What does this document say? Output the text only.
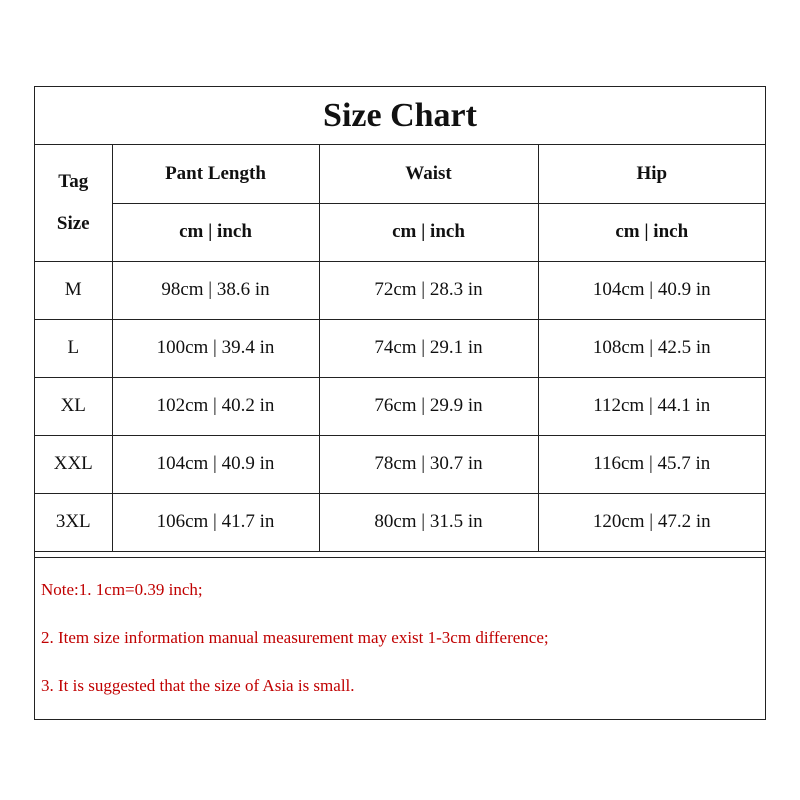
Size Chart
Tag
Size	Pant Length	Waist	Hip
	cm | inch	cm | inch	cm | inch
M	98cm | 38.6 in	72cm | 28.3 in	104cm | 40.9 in
L	100cm | 39.4 in	74cm | 29.1 in	108cm | 42.5 in
XL	102cm | 40.2 in	76cm | 29.9 in	112cm | 44.1 in
XXL	104cm | 40.9 in	78cm | 30.7 in	116cm | 45.7 in
3XL	106cm | 41.7 in	80cm | 31.5 in	120cm | 47.2 in
Note:1. 1cm=0.39 inch;
2. Item size information manual measurement may exist 1-3cm difference;
3. It is suggested that the size of Asia is small.
